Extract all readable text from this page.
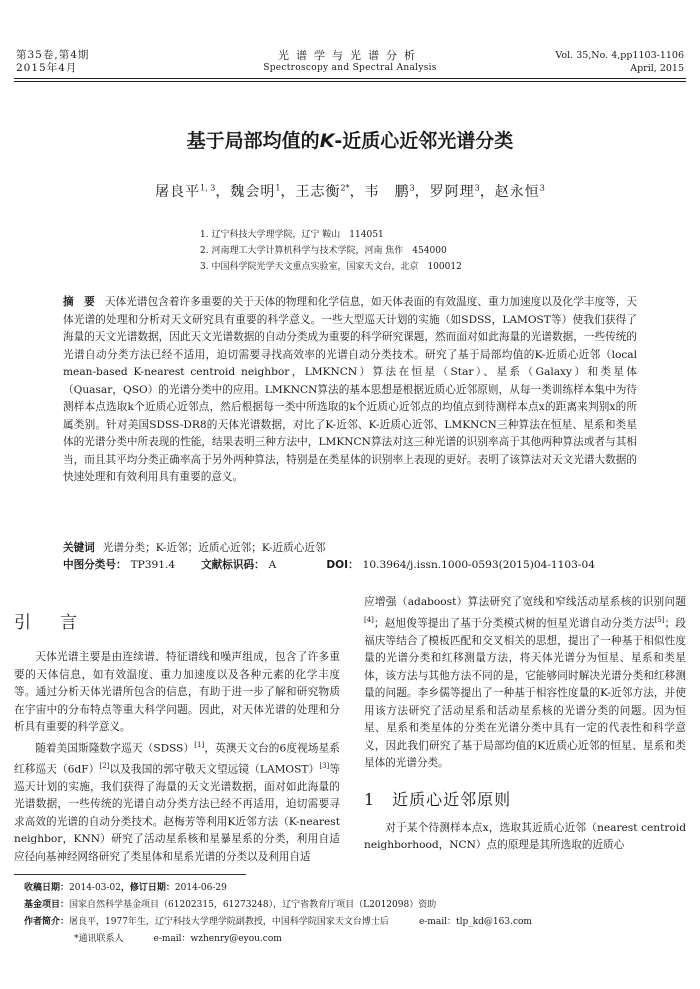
第35卷,第4期
2015年4月
光谱学与光谱分析
Spectroscopy and Spectral Analysis
Vol. 35,No. 4,pp1103-1106
April, 2015
基于局部均值的K-近质心近邻光谱分类
屠良平$^{1, 3}$，魏会明$^1$，王志衡$^{2*}$，韦　鹏$^3$，罗阿理$^3$，赵永恒$^3$
1. 辽宁科技大学理学院，辽宁 鞍山　114051
2. 河南理工大学计算机科学与技术学院，河南 焦作　454000
3. 中国科学院光学天文重点实验室，国家天文台，北京　100012
摘　要 天体光谱包含着许多重要的关于天体的物理和化学信息，如天体表面的有效温度、重力加速度以及化学丰度等，天体光谱的处理和分析对天文研究具有重要的科学意义。一些大型巡天计划的实施（如SDSS，LAMOST等）使我们获得了海量的天文光谱数据，因此天文光谱数据的自动分类成为重要的科学研究课题，然而面对如此海量的光谱数据，一些传统的光谱自动分类方法已经不适用，迫切需要寻找高效率的光谱自动分类技术。研究了基于局部均值的K-近质心近邻（local mean-based K-nearest centroid neighbor，LMKNCN）算法在恒星（Star）、星系（Galaxy）和类星体（Quasar，QSO）的光谱分类中的应用。LMKNCN算法的基本思想是根据近质心近邻原则，从每一类训练样本集中为待测样本点选取k个近质心近邻点，然后根据每一类中所选取的k个近质心近邻点的均值点到待测样本点x的距离来判别x的所属类别。针对美国SDSS-DR8的天体光谱数据，对比了K-近邻、K-近质心近邻、LMKNCN三种算法在恒星、星系和类星体的光谱分类中所表现的性能，结果表明三种方法中，LMKNCN算法对这三种光谱的识别率高于其他两种算法或者与其相当，而且其平均分类正确率高于另外两种算法，特别是在类星体的识别率上表现的更好。表明了该算法对天文光谱大数据的快速处理和有效利用具有重要的意义。
关键词 光谱分类；K-近邻；近质心近邻；K-近质心近邻
中图分类号： TP391.4 文献标识码： A	DOI： 10.3964/j.issn.1000-0593(2015)04-1103-04
引　言

天体光谱主要是由连续谱、特征谱线和噪声组成，包含了许多重要的天体信息，如有效温度、重力加速度以及各种元素的化学丰度等。通过分析天体光谱所包含的信息，有助于进一步了解和研究物质在宇宙中的分布特点等重大科学问题。因此，对天体光谱的处理和分析具有重要的科学意义。

随着美国斯隆数字巡天（SDSS）[1]，英澳天文台的6度视场星系红移巡天（6dF）[2]以及我国的郭守敬天文望远镜（LAMOST）[3]等巡天计划的实施，我们获得了海量的天文光谱数据，面对如此海量的光谱数据，一些传统的光谱自动分类方法已经不再适用，迫切需要寻求高效的光谱的自动分类技术。赵梅芳等利用K近邻方法（K-nearest neighbor，KNN）研究了活动星系核和星暴星系的分类，利用自适应径向基神经网络研究了类星体和星系光谱的分类以及利用自适

应增强（adaboost）算法研究了宽线和窄线活动星系核的识别问题[4]；赵旭俊等提出了基于分类模式树的恒星光谱自动分类方法[5]；段福庆等结合了模板匹配和交叉相关的思想，提出了一种基于相似性度量的光谱分类和红移测量方法，将天体光谱分为恒星、星系和类星体，该方法与其他方法不同的是，它能够同时解决光谱分类和红移测量的问题。李乡儒等提出了一种基于相容性度量的K-近邻方法，并使用该方法研究了活动星系和活动星系核的光谱分类的问题。因为恒星、星系和类星体的分类在光谱分类中具有一定的代表性和科学意义，因此我们研究了基于局部均值的K近质心近邻的恒星、星系和类星体的光谱分类。

1　近质心近邻原则

对于某个待测样本点x，选取其近质心近邻（nearest centroid neighborhood，NCN）点的原理是其所选取的近质心

收稿日期：2014-03-02，修订日期：2014-06-29
基金项目：国家自然科学基金项目（61202315，61273248），辽宁省教育厅项目（L2012098）资助
作者简介：屠良平，1977年生，辽宁科技大学理学院副教授，中国科学院国家天文台博士后	e-mail：tlp_kd@163.com
*通讯联系人	e-mail：wzhenry@eyou.com
